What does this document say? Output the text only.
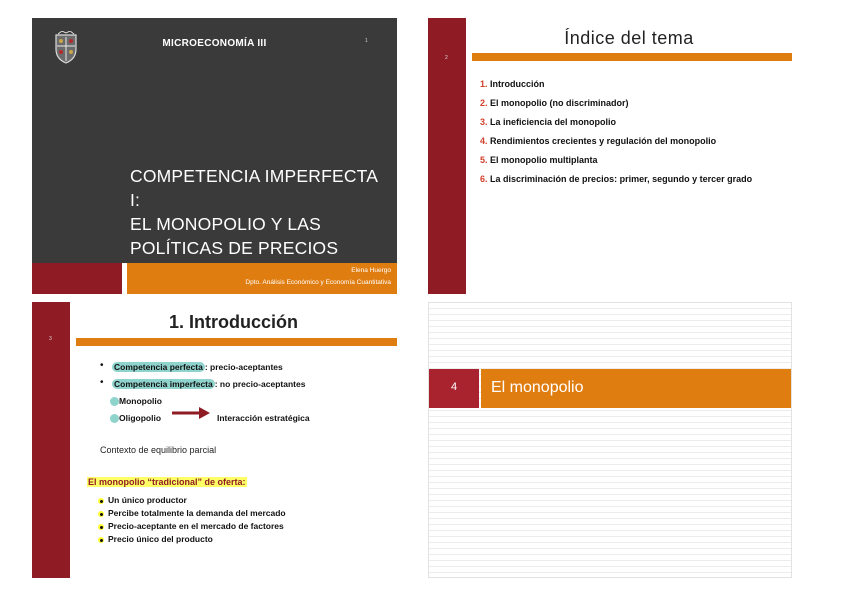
MICROECONOMÍA III	1
COMPETENCIA IMPERFECTA I:
EL MONOPOLIO Y LAS
POLÍTICAS DE PRECIOS
Elena Huergo
Dpto. Análisis Económico y Economía Cuantitativa
2
Índice del tema
1. Introducción
2. El monopolio (no discriminador)
3. La ineficiencia del monopolio
4. Rendimientos crecientes y regulación del monopolio
5. El monopolio multiplanta
6. La discriminación de precios: primer, segundo y tercer grado
3
1. Introducción
• Competencia perfecta : precio-aceptantes
• Competencia imperfecta : no precio-aceptantes
Monopolio
Oligopolio	Interacción estratégica
Contexto de equilibrio parcial
El monopolio “tradicional” de oferta:
Un único productor
Percibe totalmente la demanda del mercado
Precio-aceptante en el mercado de factores
Precio único del producto
4	El monopolio
